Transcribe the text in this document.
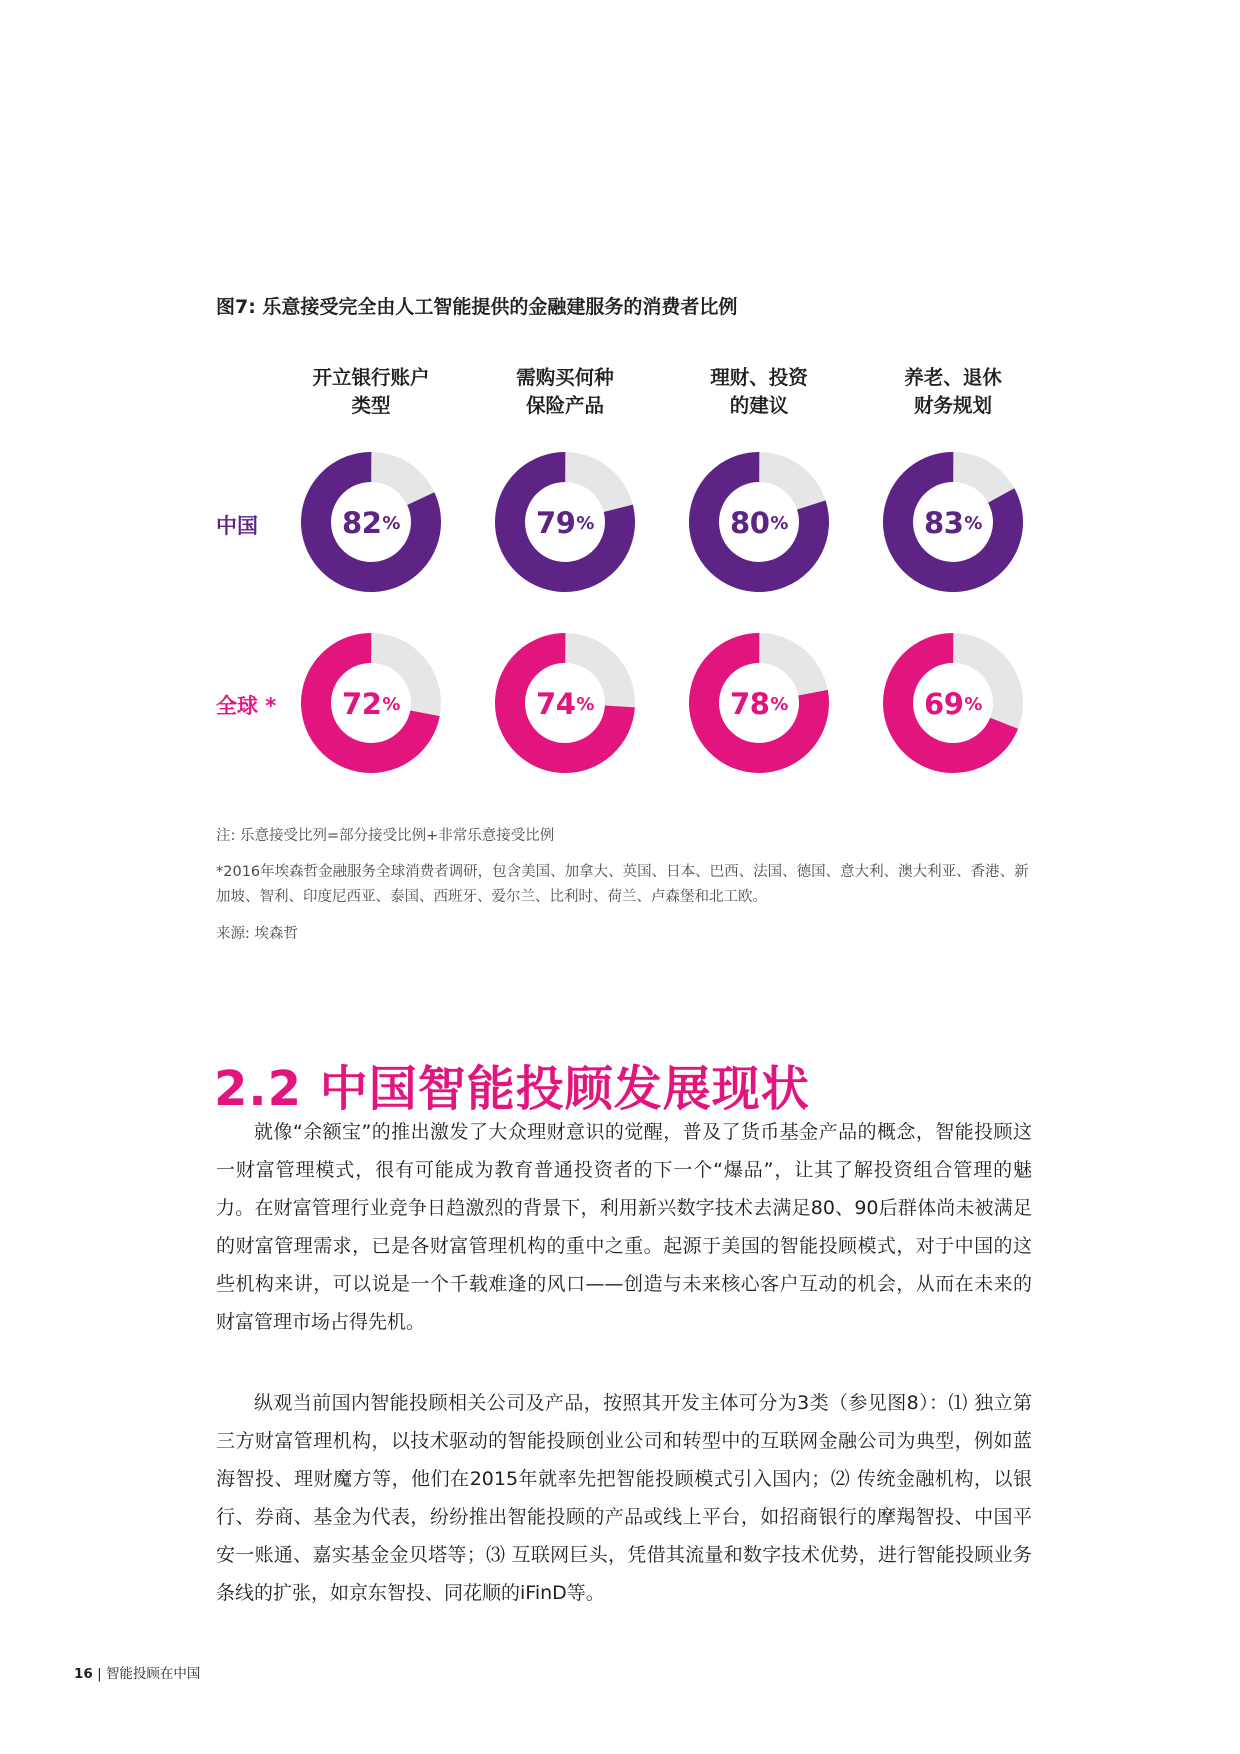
图7: 乐意接受完全由人工智能提供的金融建服务的消费者比例
开立银行账户
类型
需购买何种
保险产品
理财、投资
的建议
养老、退休
财务规划
中国
全球 *
82 %	79 %	80 %	83 %
72 %	74 %	78 %	69 %
注: 乐意接受比列=部分接受比例+非常乐意接受比例
*2016年埃森哲金融服务全球消费者调研，包含美国、加拿大、英国、日本、巴西、法国、德国、意大利、澳大利亚、香港、新加坡、智利、印度尼西亚、泰国、西班牙、爱尔兰、比利时、荷兰、卢森堡和北工欧。
来源: 埃森哲
2.2 中国智能投顾发展现状

就像“余额宝”的推出激发了大众理财意识的觉醒，普及了货币基金产品的概念，智能投顾这一财富管理模式，很有可能成为教育普通投资者的下一个“爆品”，让其了解投资组合管理的魅力。在财富管理行业竞争日趋激烈的背景下，利用新兴数字技术去满足80、90后群体尚未被满足的财富管理需求，已是各财富管理机构的重中之重。起源于美国的智能投顾模式，对于中国的这些机构来讲，可以说是一个千载难逢的风口——创造与未来核心客户互动的机会，从而在未来的财富管理市场占得先机。

纵观当前国内智能投顾相关公司及产品，按照其开发主体可分为3类（参见图8）：⑴ 独立第三方财富管理机构，以技术驱动的智能投顾创业公司和转型中的互联网金融公司为典型，例如蓝海智投、理财魔方等，他们在2015年就率先把智能投顾模式引入国内；⑵ 传统金融机构，以银行、券商、基金为代表，纷纷推出智能投顾的产品或线上平台，如招商银行的摩羯智投、中国平安一账通、嘉实基金金贝塔等；⑶ 互联网巨头，凭借其流量和数字技术优势，进行智能投顾业务条线的扩张，如京东智投、同花顺的iFinD等。

16 | 智能投顾在中国
